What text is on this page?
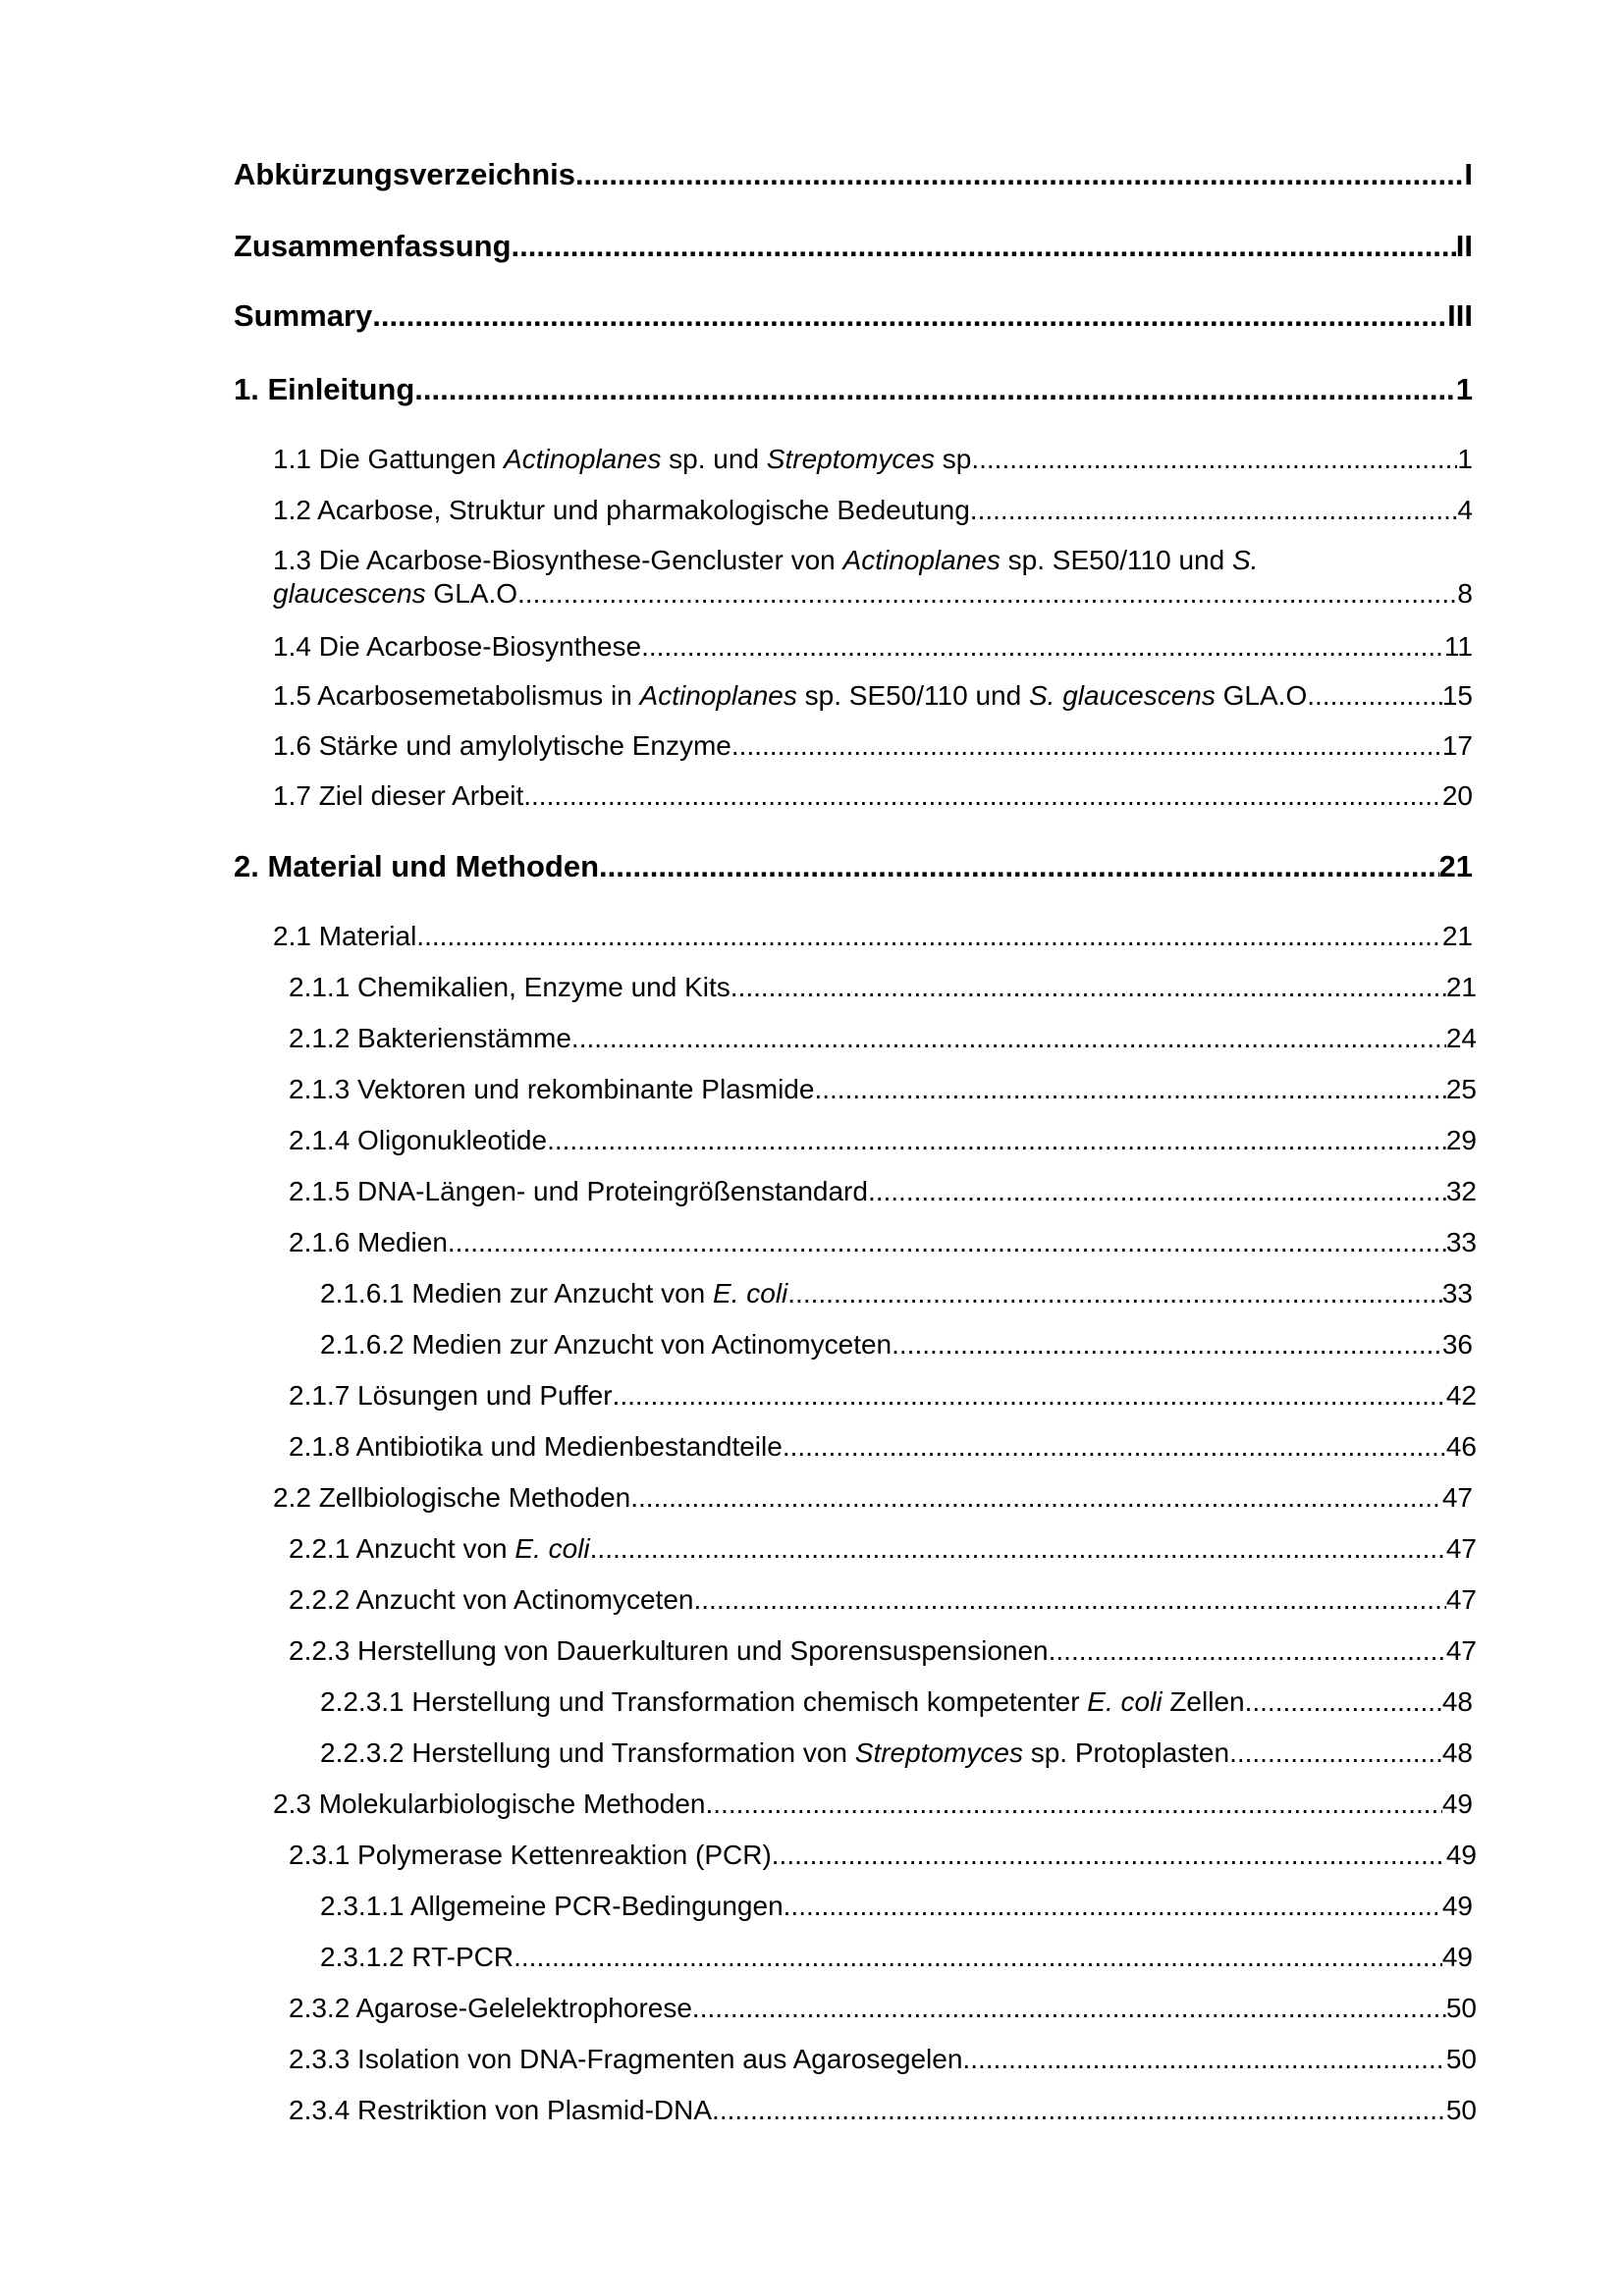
Abkürzungsverzeichnis .....	I
Zusammenfassung .....	II
Summary .....	III
1. Einleitung .....	1
1.1 Die Gattungen Actinoplanes sp. und Streptomyces sp .....	1
1.2 Acarbose, Struktur und pharmakologische Bedeutung .....	4
1.3 Die Acarbose-Biosynthese-Gencluster von Actinoplanes sp. SE50/110 und S.
glaucescens GLA.O .....	8
1.4 Die Acarbose-Biosynthese .....	11
1.5 Acarbosemetabolismus in Actinoplanes sp. SE50/110 und S. glaucescens GLA.O .....	15
1.6 Stärke und amylolytische Enzyme .....	17
1.7 Ziel dieser Arbeit .....	20
2. Material und Methoden .....	21
2.1 Material .....	21
2.1.1 Chemikalien, Enzyme und Kits .....	21
2.1.2 Bakterienstämme .....	24
2.1.3 Vektoren und rekombinante Plasmide .....	25
2.1.4 Oligonukleotide .....	29
2.1.5 DNA-Längen- und Proteingrößenstandard .....	32
2.1.6 Medien .....	33
2.1.6.1 Medien zur Anzucht von E. coli .....	33
2.1.6.2 Medien zur Anzucht von Actinomyceten .....	36
2.1.7 Lösungen und Puffer .....	42
2.1.8 Antibiotika und Medienbestandteile .....	46
2.2 Zellbiologische Methoden .....	47
2.2.1 Anzucht von E. coli .....	47
2.2.2 Anzucht von Actinomyceten .....	47
2.2.3 Herstellung von Dauerkulturen und Sporensuspensionen .....	47
2.2.3.1 Herstellung und Transformation chemisch kompetenter E. coli Zellen .....	48
2.2.3.2 Herstellung und Transformation von Streptomyces sp. Protoplasten .....	48
2.3 Molekularbiologische Methoden .....	49
2.3.1 Polymerase Kettenreaktion (PCR) .....	49
2.3.1.1 Allgemeine PCR-Bedingungen .....	49
2.3.1.2 RT-PCR .....	49
2.3.2 Agarose-Gelelektrophorese .....	50
2.3.3 Isolation von DNA-Fragmenten aus Agarosegelen .....	50
2.3.4 Restriktion von Plasmid-DNA .....	50
